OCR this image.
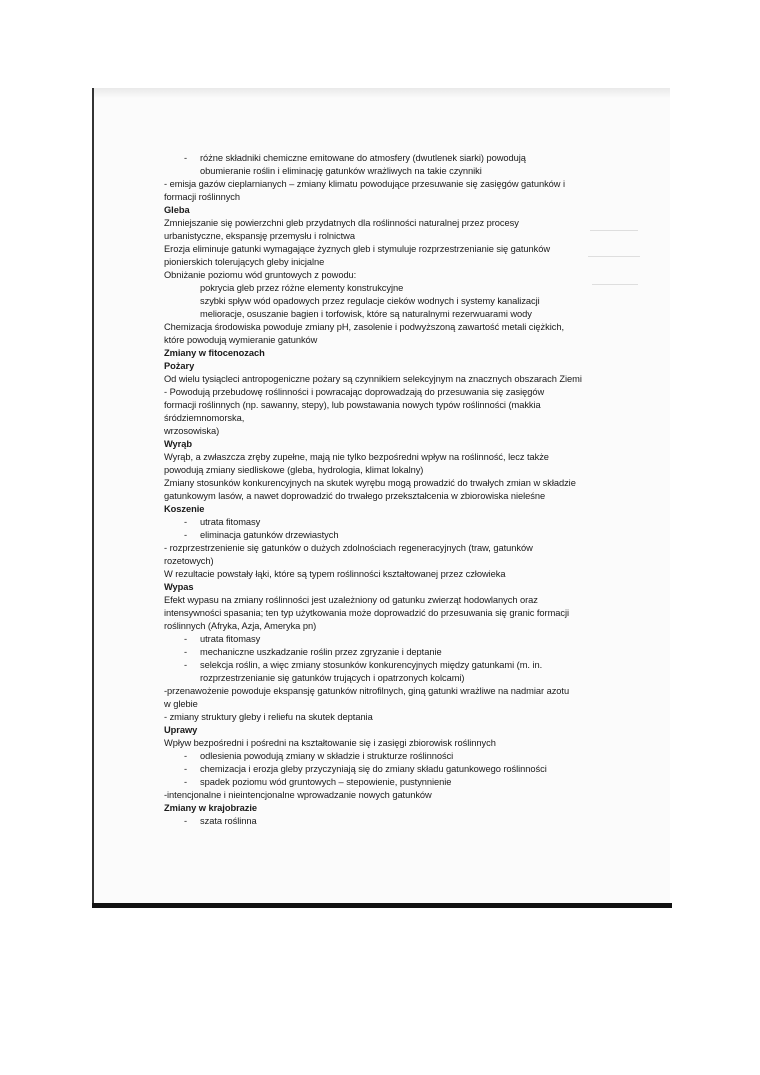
- różne składniki chemiczne emitowane do atmosfery (dwutlenek siarki) powodują
obumieranie roślin i eliminację gatunków wrażliwych na takie czynniki
- emisja gazów cieplarnianych – zmiany klimatu powodujące przesuwanie się zasięgów gatunków i
formacji roślinnych
Gleba
Zmniejszanie się powierzchni gleb przydatnych dla roślinności naturalnej przez procesy
urbanistyczne, ekspansję przemysłu i rolnictwa
Erozja eliminuje gatunki wymagające żyznych gleb i stymuluje rozprzestrzenianie się gatunków
pionierskich tolerujących gleby inicjalne
Obniżanie poziomu wód gruntowych z powodu:
pokrycia gleb przez różne elementy konstrukcyjne
szybki spływ wód opadowych przez regulacje cieków wodnych i systemy kanalizacji
melioracje, osuszanie bagien i torfowisk, które są naturalnymi rezerwuarami wody
Chemizacja środowiska powoduje zmiany pH, zasolenie i podwyższoną zawartość metali ciężkich,
które powodują wymieranie gatunków
Zmiany w fitocenozach
Pożary
Od wielu tysiącleci antropogeniczne pożary są czynnikiem selekcyjnym na znacznych obszarach Ziemi
- Powodują przebudowę roślinności i powracając doprowadzają do przesuwania się zasięgów
formacji roślinnych (np. sawanny, stepy), lub powstawania nowych typów roślinności (makkia
śródziemnomorska,
wrzosowiska)
Wyrąb
Wyrąb, a zwłaszcza zręby zupełne, mają nie tylko bezpośredni wpływ na roślinność, lecz także
powodują zmiany siedliskowe (gleba, hydrologia, klimat lokalny)
Zmiany stosunków konkurencyjnych na skutek wyrębu mogą prowadzić do trwałych zmian w składzie
gatunkowym lasów, a nawet doprowadzić do trwałego przekształcenia w zbiorowiska nieleśne
Koszenie
- utrata fitomasy
- eliminacja gatunków drzewiastych
- rozprzestrzenienie się gatunków o dużych zdolnościach regeneracyjnych (traw, gatunków
rozetowych)
W rezultacie powstały łąki, które są typem roślinności kształtowanej przez człowieka
Wypas
Efekt wypasu na zmiany roślinności jest uzależniony od gatunku zwierząt hodowlanych oraz
intensywności spasania; ten typ użytkowania może doprowadzić do przesuwania się granic formacji
roślinnych (Afryka, Azja, Ameryka pn)
- utrata fitomasy
- mechaniczne uszkadzanie roślin przez zgryzanie i deptanie
- selekcja roślin, a więc zmiany stosunków konkurencyjnych między gatunkami (m. in.
rozprzestrzenianie się gatunków trujących i opatrzonych kolcami)
-przenawożenie powoduje ekspansję gatunków nitrofilnych, giną gatunki wrażliwe na nadmiar azotu
w glebie
- zmiany struktury gleby i reliefu na skutek deptania
Uprawy
Wpływ bezpośredni i pośredni na kształtowanie się i zasięgi zbiorowisk roślinnych
- odlesienia powodują zmiany w składzie i strukturze roślinności
- chemizacja i erozja gleby przyczyniają się do zmiany składu gatunkowego roślinności
- spadek poziomu wód gruntowych – stepowienie, pustynnienie
-intencjonalne i nieintencjonalne wprowadzanie nowych gatunków
Zmiany w krajobrazie
- szata roślinna
